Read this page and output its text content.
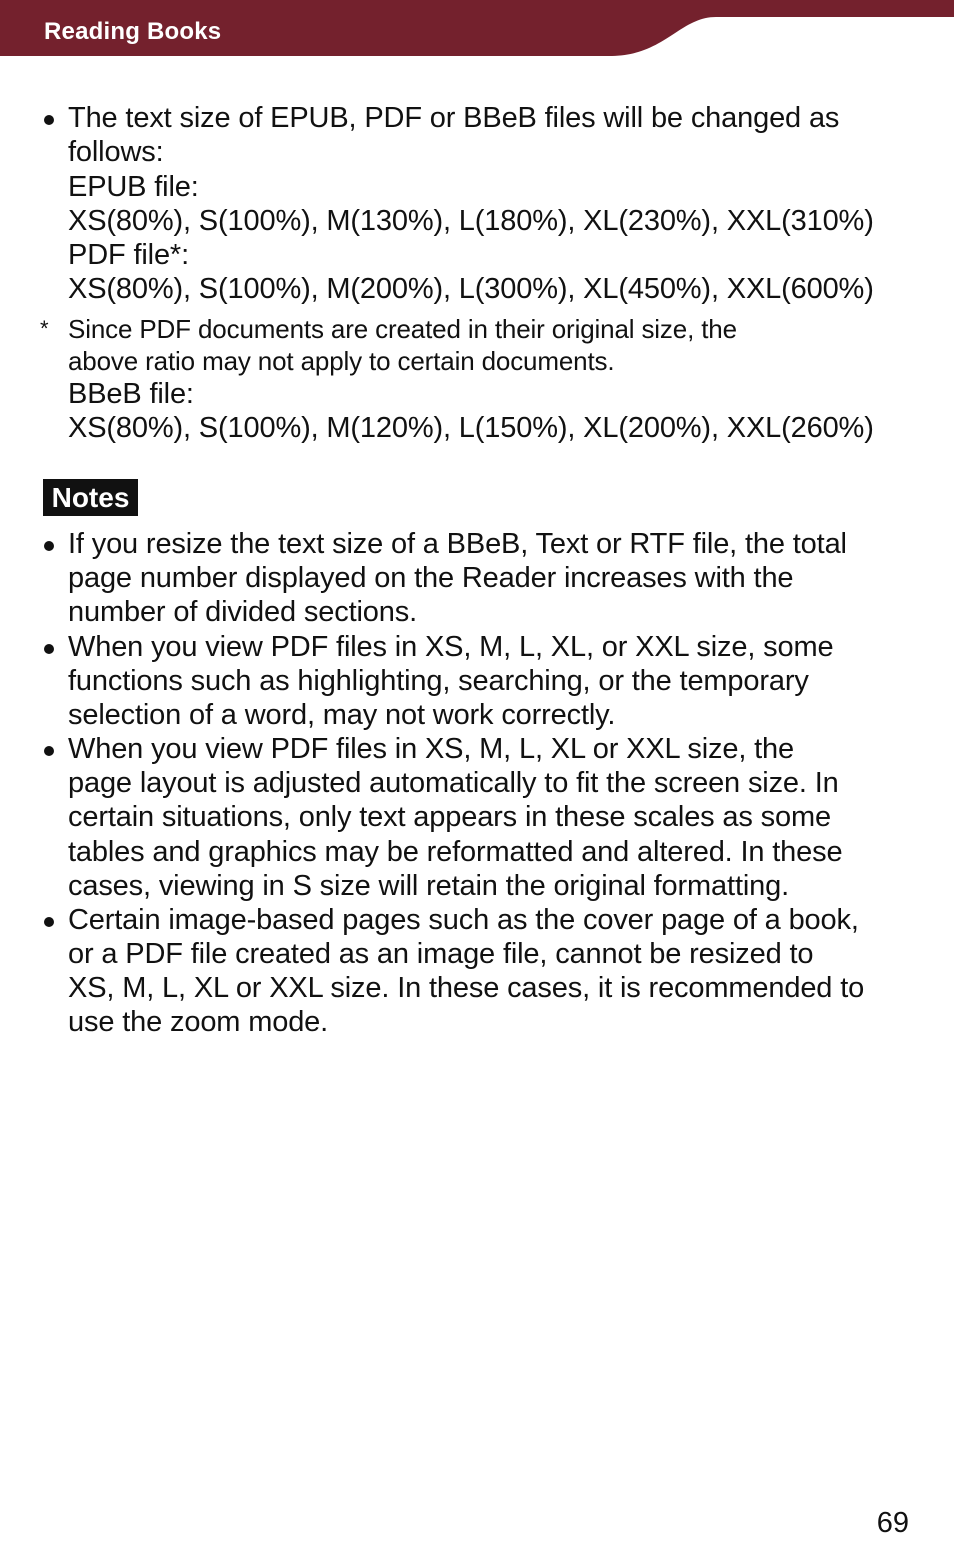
Reading Books
The text size of EPUB, PDF or BBeB files will be changed as
follows:
EPUB file:
XS(80%), S(100%), M(130%), L(180%), XL(230%), XXL(310%)
PDF file*:
XS(80%), S(100%), M(200%), L(300%), XL(450%), XXL(600%)
* Since PDF documents are created in their original size, the
above ratio may not apply to certain documents.
BBeB file:
XS(80%), S(100%), M(120%), L(150%), XL(200%), XXL(260%)
Notes
If you resize the text size of a BBeB, Text or RTF file, the total
page number displayed on the Reader increases with the
number of divided sections.
When you view PDF files in XS, M, L, XL, or XXL size, some
functions such as highlighting, searching, or the temporary
selection of a word, may not work correctly.
When you view PDF files in XS, M, L, XL or XXL size, the
page layout is adjusted automatically to fit the screen size. In
certain situations, only text appears in these scales as some
tables and graphics may be reformatted and altered. In these
cases, viewing in S size will retain the original formatting.
Certain image-based pages such as the cover page of a book,
or a PDF file created as an image file, cannot be resized to
XS, M, L, XL or XXL size. In these cases, it is recommended to
use the zoom mode.
69
